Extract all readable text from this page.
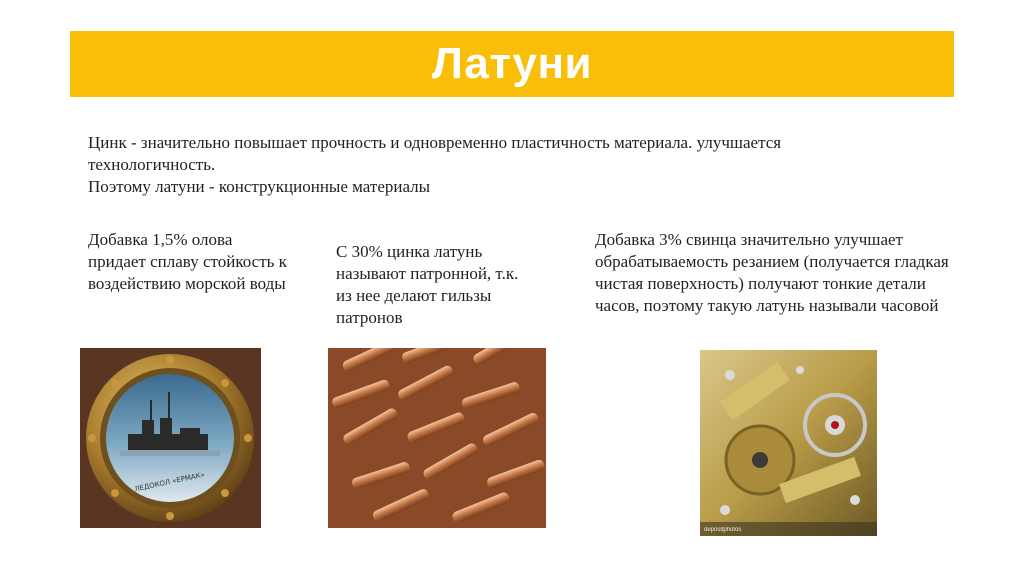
Латуни

Цинк - значительно повышает прочность и одновременно пластичность материала. улучшается технологичность.

Поэтому латуни - конструкционные материалы

Добавка 1,5% олова придает сплаву стойкость к воздействию морской воды

С 30% цинка латунь называют патронной, т.к. из нее делают гильзы патронов

Добавка 3% свинца значительно улучшает обрабатываемость резанием (получается гладкая чистая поверхность) получают тонкие детали часов, поэтому такую латунь называли часовой

ЛЕДОКОЛ «ЕРМАК»
depositphotos
